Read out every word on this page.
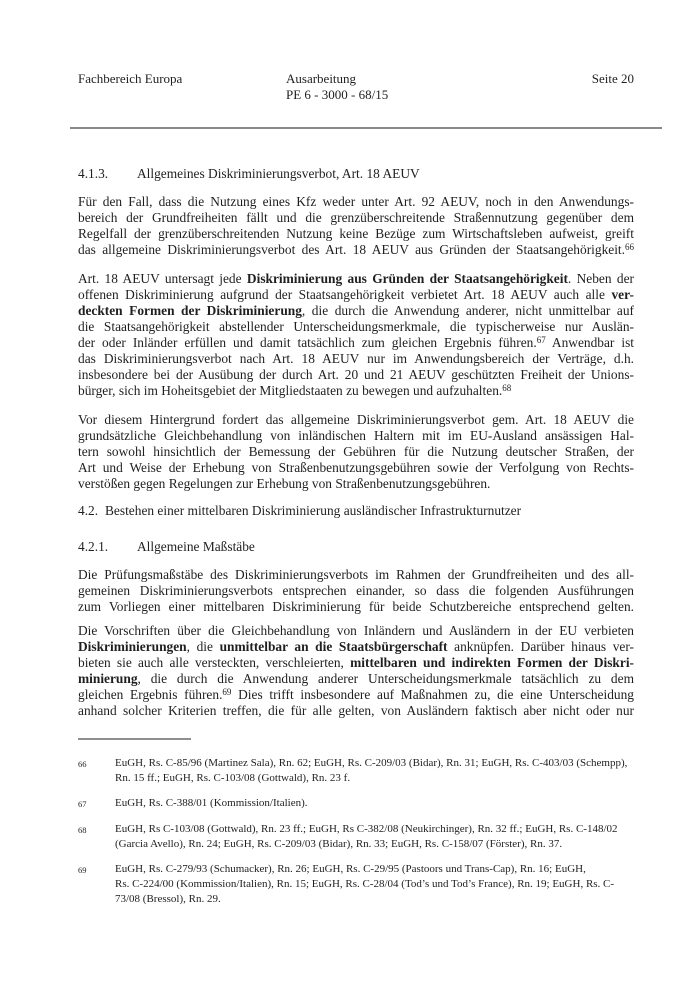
Fachbereich Europa	Ausarbeitung
PE 6 - 3000 - 68/15
Seite 20
4.1.3.	Allgemeines Diskriminierungsverbot, Art. 18 AEUV
Für den Fall, dass die Nutzung eines Kfz weder unter Art. 92 AEUV, noch in den Anwendungs-
bereich der Grundfreiheiten fällt und die grenzüberschreitende Straßennutzung gegenüber dem
Regelfall der grenzüberschreitenden Nutzung keine Bezüge zum Wirtschaftsleben aufweist, greift
das allgemeine Diskriminierungsverbot des Art. 18 AEUV aus Gründen der Staatsangehörigkeit.$^{66}$
Art. 18 AEUV untersagt jede Diskriminierung aus Gründen der Staatsangehörigkeit. Neben der
offenen Diskriminierung aufgrund der Staatsangehörigkeit verbietet Art. 18 AEUV auch alle ver-
deckten Formen der Diskriminierung, die durch die Anwendung anderer, nicht unmittelbar auf
die Staatsangehörigkeit abstellender Unterscheidungsmerkmale, die typischerweise nur Auslän-
der oder Inländer erfüllen und damit tatsächlich zum gleichen Ergebnis führen.$^{67}$ Anwendbar ist
das Diskriminierungsverbot nach Art. 18 AEUV nur im Anwendungsbereich der Verträge, d.h.
insbesondere bei der Ausübung der durch Art. 20 und 21 AEUV geschützten Freiheit der Unions-
bürger, sich im Hoheitsgebiet der Mitgliedstaaten zu bewegen und aufzuhalten.$^{68}$
Vor diesem Hintergrund fordert das allgemeine Diskriminierungsverbot gem. Art. 18 AEUV die
grundsätzliche Gleichbehandlung von inländischen Haltern mit im EU-Ausland ansässigen Hal-
tern sowohl hinsichtlich der Bemessung der Gebühren für die Nutzung deutscher Straßen, der
Art und Weise der Erhebung von Straßenbenutzungsgebühren sowie der Verfolgung von Rechts-
verstößen gegen Regelungen zur Erhebung von Straßenbenutzungsgebühren.
4.2. Bestehen einer mittelbaren Diskriminierung ausländischer Infrastrukturnutzer
4.2.1.	Allgemeine Maßstäbe
Die Prüfungsmaßstäbe des Diskriminierungsverbots im Rahmen der Grundfreiheiten und des all-
gemeinen Diskriminierungsverbots entsprechen einander, so dass die folgenden Ausführungen
zum Vorliegen einer mittelbaren Diskriminierung für beide Schutzbereiche entsprechend gelten.
Die Vorschriften über die Gleichbehandlung von Inländern und Ausländern in der EU verbieten
Diskriminierungen, die unmittelbar an die Staatsbürgerschaft anknüpfen. Darüber hinaus ver-
bieten sie auch alle versteckten, verschleierten, mittelbaren und indirekten Formen der Diskri-
minierung, die durch die Anwendung anderer Unterscheidungsmerkmale tatsächlich zu dem
gleichen Ergebnis führen.$^{69}$ Dies trifft insbesondere auf Maßnahmen zu, die eine Unterscheidung
anhand solcher Kriterien treffen, die für alle gelten, von Ausländern faktisch aber nicht oder nur
66	EuGH, Rs. C-85/96 (Martinez Sala), Rn. 62; EuGH, Rs. C-209/03 (Bidar), Rn. 31; EuGH, Rs. C-403/03 (Schempp),
Rn. 15 ff.; EuGH, Rs. C-103/08 (Gottwald), Rn. 23 f.
67	EuGH, Rs. C-388/01 (Kommission/Italien).
68	EuGH, Rs C-103/08 (Gottwald), Rn. 23 ff.; EuGH, Rs C-382/08 (Neukirchinger), Rn. 32 ff.; EuGH, Rs. C-148/02
(Garcia Avello), Rn. 24; EuGH, Rs. C-209/03 (Bidar), Rn. 33; EuGH, Rs. C-158/07 (Förster), Rn. 37.
69	EuGH, Rs. C-279/93 (Schumacker), Rn. 26; EuGH, Rs. C-29/95 (Pastoors und Trans-Cap), Rn. 16; EuGH,
Rs. C-224/00 (Kommission/Italien), Rn. 15; EuGH, Rs. C-28/04 (Tod’s und Tod’s France), Rn. 19; EuGH, Rs. C-
73/08 (Bressol), Rn. 29.
